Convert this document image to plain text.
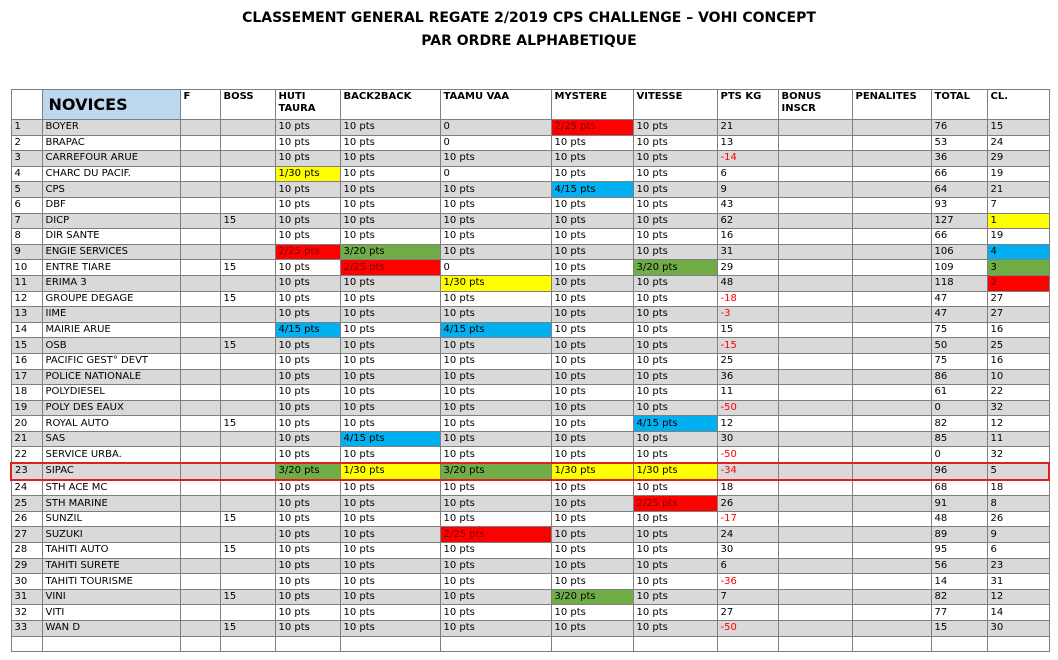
CLASSEMENT GENERAL REGATE 2/2019 CPS CHALLENGE – VOHI CONCEPT
PAR ORDRE ALPHABETIQUE
	NOVICES	F	BOSS	HUTI TAURA	BACK2BACK	TAAMU VAA	MYSTERE	VITESSE	PTS KG	BONUS INSCR	PENALITES	TOTAL	CL.
1	BOYER			10 pts	10 pts	0	2/25 pts	10 pts	21			76	15
2	BRAPAC			10 pts	10 pts	0	10 pts	10 pts	13			53	24
3	CARREFOUR ARUE			10 pts	10 pts	10 pts	10 pts	10 pts	-14			36	29
4	CHARC DU PACIF.			1/30 pts	10 pts	0	10 pts	10 pts	6			66	19
5	CPS			10 pts	10 pts	10 pts	4/15 pts	10 pts	9			64	21
6	DBF			10 pts	10 pts	10 pts	10 pts	10 pts	43			93	7
7	DICP		15	10 pts	10 pts	10 pts	10 pts	10 pts	62			127	1
8	DIR SANTE			10 pts	10 pts	10 pts	10 pts	10 pts	16			66	19
9	ENGIE SERVICES			2/25 pts	3/20 pts	10 pts	10 pts	10 pts	31			106	4
10	ENTRE TIARE		15	10 pts	2/25 pts	0	10 pts	3/20 pts	29			109	3
11	ERIMA 3			10 pts	10 pts	1/30 pts	10 pts	10 pts	48			118	2
12	GROUPE DEGAGE		15	10 pts	10 pts	10 pts	10 pts	10 pts	-18			47	27
13	IIME			10 pts	10 pts	10 pts	10 pts	10 pts	-3			47	27
14	MAIRIE ARUE			4/15 pts	10 pts	4/15 pts	10 pts	10 pts	15			75	16
15	OSB		15	10 pts	10 pts	10 pts	10 pts	10 pts	-15			50	25
16	PACIFIC GEST° DEVT			10 pts	10 pts	10 pts	10 pts	10 pts	25			75	16
17	POLICE NATIONALE			10 pts	10 pts	10 pts	10 pts	10 pts	36			86	10
18	POLYDIESEL			10 pts	10 pts	10 pts	10 pts	10 pts	11			61	22
19	POLY DES EAUX			10 pts	10 pts	10 pts	10 pts	10 pts	-50			0	32
20	ROYAL AUTO		15	10 pts	10 pts	10 pts	10 pts	4/15 pts	12			82	12
21	SAS			10 pts	4/15 pts	10 pts	10 pts	10 pts	30			85	11
22	SERVICE URBA.			10 pts	10 pts	10 pts	10 pts	10 pts	-50			0	32
23	SIPAC			3/20 pts	1/30 pts	3/20 pts	1/30 pts	1/30 pts	-34			96	5
24	STH ACE MC			10 pts	10 pts	10 pts	10 pts	10 pts	18			68	18
25	STH MARINE			10 pts	10 pts	10 pts	10 pts	2/25 pts	26			91	8
26	SUNZIL		15	10 pts	10 pts	10 pts	10 pts	10 pts	-17			48	26
27	SUZUKI			10 pts	10 pts	2/25 pts	10 pts	10 pts	24			89	9
28	TAHITI AUTO		15	10 pts	10 pts	10 pts	10 pts	10 pts	30			95	6
29	TAHITI SURETE			10 pts	10 pts	10 pts	10 pts	10 pts	6			56	23
30	TAHITI TOURISME			10 pts	10 pts	10 pts	10 pts	10 pts	-36			14	31
31	VINI		15	10 pts	10 pts	10 pts	3/20 pts	10 pts	7			82	12
32	VITI			10 pts	10 pts	10 pts	10 pts	10 pts	27			77	14
33	WAN D		15	10 pts	10 pts	10 pts	10 pts	10 pts	-50			15	30
